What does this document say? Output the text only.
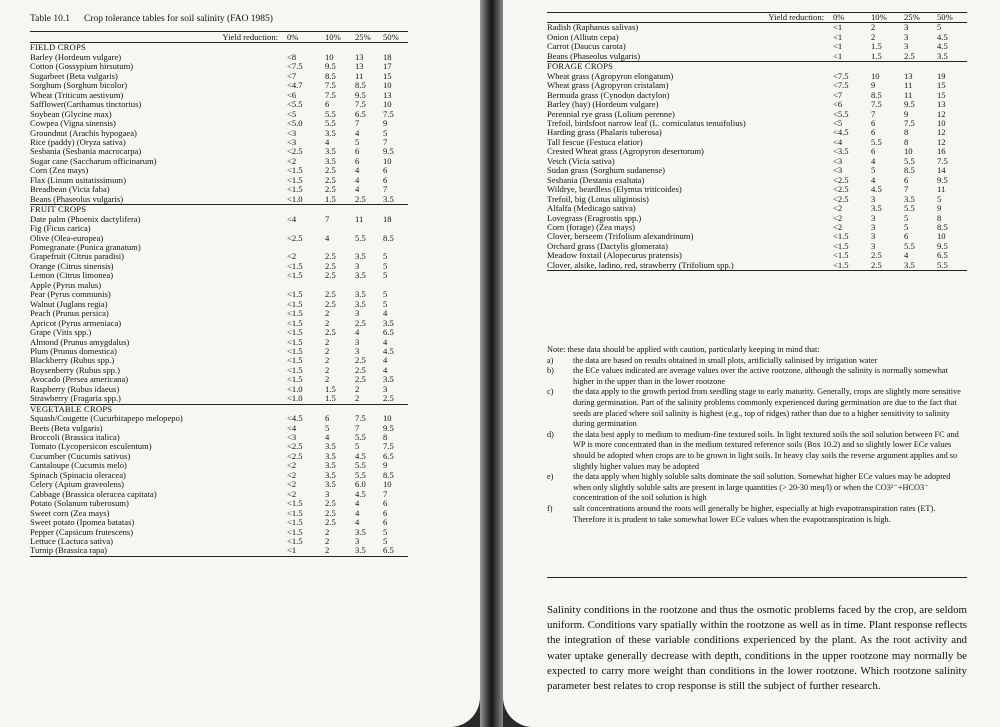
Table 10.1 Crop tolerance tables for soil salinity (FAO 1985)
Yield reduction:	0%	10%	25%	50%
FIELD CROPS				
Barley (Hordeum vulgare)	<8	10	13	18
Cotton (Gossypium hirsutum)	<7.5	9.5	13	17
Sugarbeet (Beta vulgaris)	<7	8.5	11	15
Sorghum (Sorghum bicolor)	<4.7	7.5	8.5	10
Wheat (Triticum aestivum)	<6	7.5	9.5	13
Safflower(Carthamus tinctorius)	<5.5	6	7.5	10
Soybean (Glycine max)	<5	5.5	6.5	7.5
Cowpea (Vigna sinensis)	<5.0	5.5	7	9
Groundnut (Arachis hypogaea)	<3	3.5	4	5
Rice (paddy) (Oryza sativa)	<3	4	5	7
Sesbania (Sesbania macrocarpa)	<2.5	3.5	6	9.5
Sugar cane (Saccharum officinarum)	<2	3.5	6	10
Corn (Zea mays)	<1.5	2.5	4	6
Flax (Linum usitatissimum)	<1.5	2.5	4	6
Breadbean (Vicia faba)	<1.5	2.5	4	7
Beans (Phaseolus vulgaris)	<1.0	1.5	2.5	3.5
FRUIT CROPS				
Date palm (Phoenix dactylifera)	<4	7	11	18
Fig (Ficus carica)				
Olive (Olea-europea)	<2.5	4	5.5	8.5
Pomegranate (Punica granatum)				
Grapefruit (Citrus paradisi)	<2	2.5	3.5	5
Orange (Citrus sinensis)	<1.5	2.5	3	5
Lemon (Citrus limonea)	<1.5	2.5	3.5	5
Apple (Pyrus malus)				
Pear (Pyrus communis)	<1.5	2.5	3.5	5
Walnut (Juglans regia)	<1.5	2.5	3.5	5
Peach (Prunus persica)	<1.5	2	3	4
Apricot (Pyrus armeniaca)	<1.5	2	2.5	3.5
Grape (Vitis spp.)	<1.5	2.5	4	6.5
Almond (Prunus amygdalus)	<1.5	2	3	4
Plum (Prunus domestica)	<1.5	2	3	4.5
Blackberry (Rubus spp.)	<1.5	2	2.5	4
Boysenberry (Rubus spp.)	<1.5	2	2.5	4
Avocado (Persea americana)	<1.5	2	2.5	3.5
Raspberry (Rubus idaeus)	<1.0	1.5	2	3
Strawberry (Fragaria spp.)	<1.0	1.5	2	2.5
VEGETABLE CROPS				
Squash/Cougette (Cucurbitapepo melopepo)	<4.5	6	7.5	10
Beets (Beta vulgaris)	<4	5	7	9.5
Broccoli (Brassica italica)	<3	4	5.5	8
Tomato (Lycopersicon esculentum)	<2.5	3.5	5	7.5
Cucumber (Cucumis sativus)	<2.5	3.5	4.5	6.5
Cantaloupe (Cucumis melo)	<2	3.5	5.5	9
Spinach (Spinacia oleracea)	<2	3.5	5.5	8.5
Celery (Apium graveolens)	<2	3.5	6.0	10
Cabbage (Brassica oleracea capitata)	<2	3	4.5	7
Potato (Solanum tuberosum)	<1.5	2.5	4	6
Sweet corn (Zea mays)	<1.5	2.5	4	6
Sweet potato (Ipomea batatas)	<1.5	2.5	4	6
Pepper (Capsicum frutescens)	<1.5	2	3.5	5
Lettuce (Lactuca sativa)	<1.5	2	3	5
Turnip (Brassica rapa)	<1	2	3.5	6.5
Yield reduction:	0%	10%	25%	50%
Radish (Raphanus salivas)	<1	2	3	5
Onion (Alliutn cepa)	<1	2	3	4.5
Carrot (Daucus carota)	<1	1.5	3	4.5
Beans (Phaseolus vulgaris)	<1	1.5	2.5	3.5
FORAGE CROPS				
Wheat grass (Agropyron elongatum)	<7.5	10	13	19
Wheat grass (Agropyron cristalam)	<7.5	9	11	15
Bermuda grass (Cynodon dactylon)	<7	8.5	11	15
Barley (hay) (Hordeum vulgare)	<6	7.5	9.5	13
Perennial rye grass (Lolium perenne)	<5.5	7	9	12
Trefoil, birdsfoot narrow leaf (L. corniculatus tenuifolius)	<5	6	7.5	10
Harding grass (Phalaris tuberosa)	<4.5	6	8	12
Tall fescue (Festuca elatior)	<4	5.5	8	12
Crested Wheat grass (Agropyron desertorum)	<3.5	6	10	16
Vetch (Vicia sativa)	<3	4	5.5	7.5
Sudan grass (Sorghum sudanense)	<3	5	8.5	14
Sesbania (Destania exaltata)	<2.5	4	6	9.5
Wildrye, beardless (Elymus triticoides)	<2.5	4.5	7	11
Trefoil, big (Lotus uliginosis)	<2.5	3	3.5	5
Alfalfa (Medicago sativa)	<2	3.5	5.5	9
Lovegrass (Eragrostis spp.)	<2	3	5	8
Corn (forage) (Zea mays)	<2	3	5	8.5
Clover, berseem (Trifolium alexandrinum)	<1.5	3	6	10
Orchard grass (Dactylis glomerata)	<1.5	3	5.5	9.5
Meadow foxtail (Alopecurus pratensis)	<1.5	2.5	4	6.5
Clover, alsike, ladino, red, strawberry (Trifolium spp.)	<1.5	2.5	3.5	5.5

Note: these data should be applied with caution, particularly keeping in mind that:

a)	the data are based on results obtained in small plots, artificially salinised by irrigation water
b)	the ECe values indicated are average values over the active rootzone, although the salinity is normally somewhat higher in the upper than in the lower rootzone
c)	the data apply to the growth period from seedling stage to early maturity. Generally, crops are slightly more sensitive during germination. Part of the salinity problems commonly experienced during germination are due to the fact that seeds are placed where soil salinity is highest (e.g., top of ridges) rather than due to a higher sensitivity to salinity during germination
d)	the data best apply to medium to medium-fine textured soils. In light textured soils the soil solution between FC and WP is more concentrated than in the medium textured reference soils (Box 10.2) and so slightly lower ECe values should be adopted when crops are to be grown in light soils. In heavy clay soils the reverse argument applies and so slightly higher values may be adopted
e)	the data apply when highly soluble salts dominate the soil solution. Somewhat higher ECe values may be adopted when only slightly soluble salts are present in large quantities (> 20-30 meq/l) or when the CO3²⁻+HCO3⁻ concentration of the soil solution is high
f)	salt concentrations around the roots will generally be higher, especially at high evapotranspiration rates (ET). Therefore it is prudent to take somewhat lower ECe values when the evapotranspiration is high.
Salinity conditions in the rootzone and thus the osmotic problems faced by the crop, are seldom uniform. Conditions vary spatially within the rootzone as well as in time. Plant response reflects the integration of these variable conditions experienced by the plant. As the root activity and water uptake generally decrease with depth, conditions in the upper rootzone may normally be expected to carry more weight than conditions in the lower rootzone. Which rootzone salinity parameter best relates to crop response is still the subject of further research.
